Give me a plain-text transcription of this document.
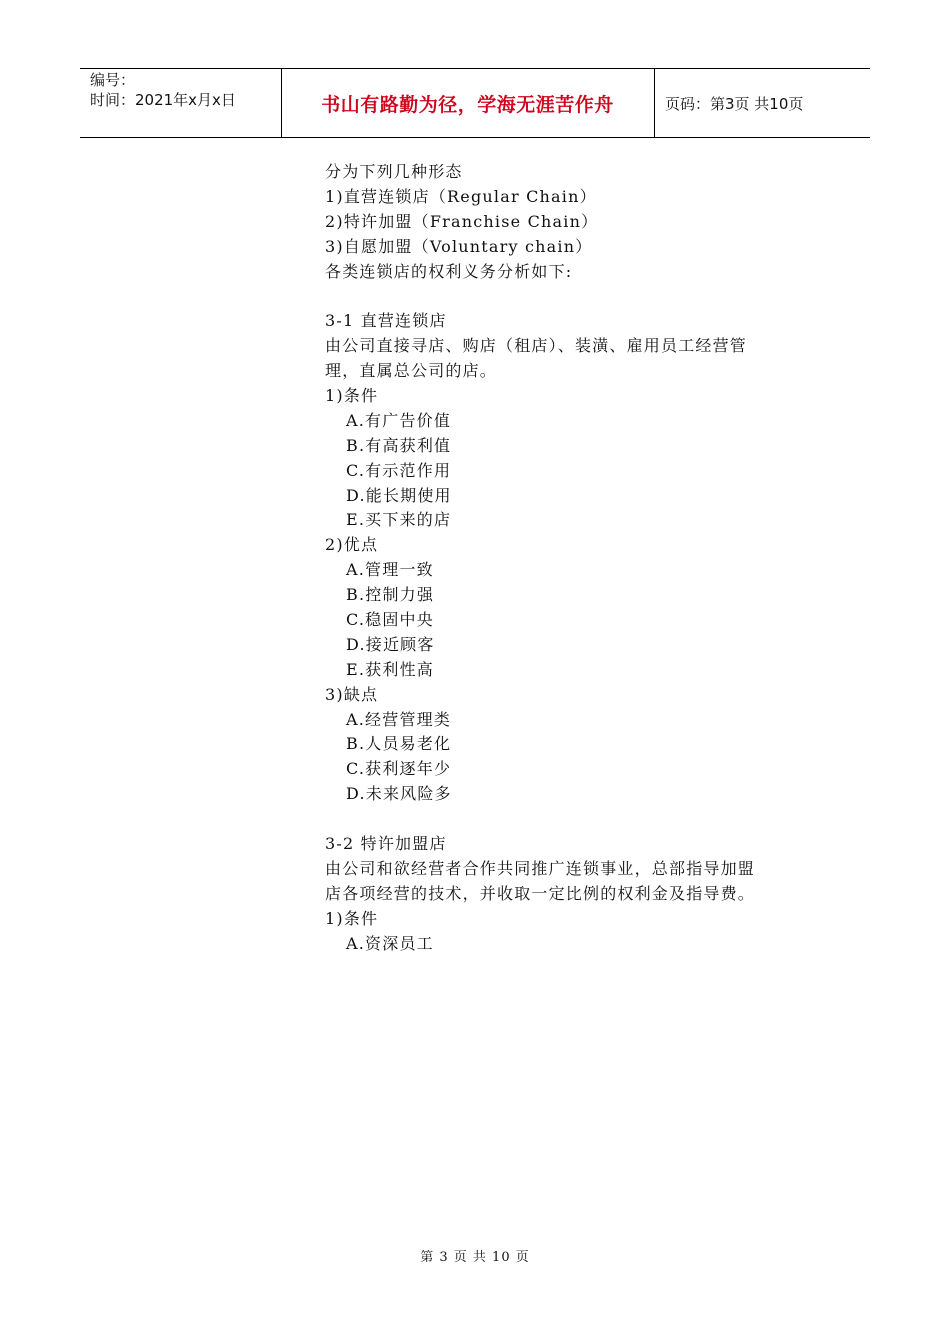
编号：
时间：2021年x月x日	书山有路勤为径，学海无涯苦作舟	页码：第3页 共10页
分为下列几种形态
1)直营连锁店（Regular Chain）
2)特许加盟（Franchise Chain）
3)自愿加盟（Voluntary chain）
各类连锁店的权利义务分析如下:
3-1 直营连锁店
由公司直接寻店、购店（租店）、装潢、雇用员工经营管
理，直属总公司的店。
1)条件
A.有广告价值
B.有高获利值
C.有示范作用
D.能长期使用
E.买下来的店
2)优点
A.管理一致
B.控制力强
C.稳固中央
D.接近顾客
E.获利性高
3)缺点
A.经营管理类
B.人员易老化
C.获利逐年少
D.未来风险多
3-2 特许加盟店
由公司和欲经营者合作共同推广连锁事业，总部指导加盟
店各项经营的技术，并收取一定比例的权利金及指导费。
1)条件
A.资深员工
第 3 页 共 10 页
